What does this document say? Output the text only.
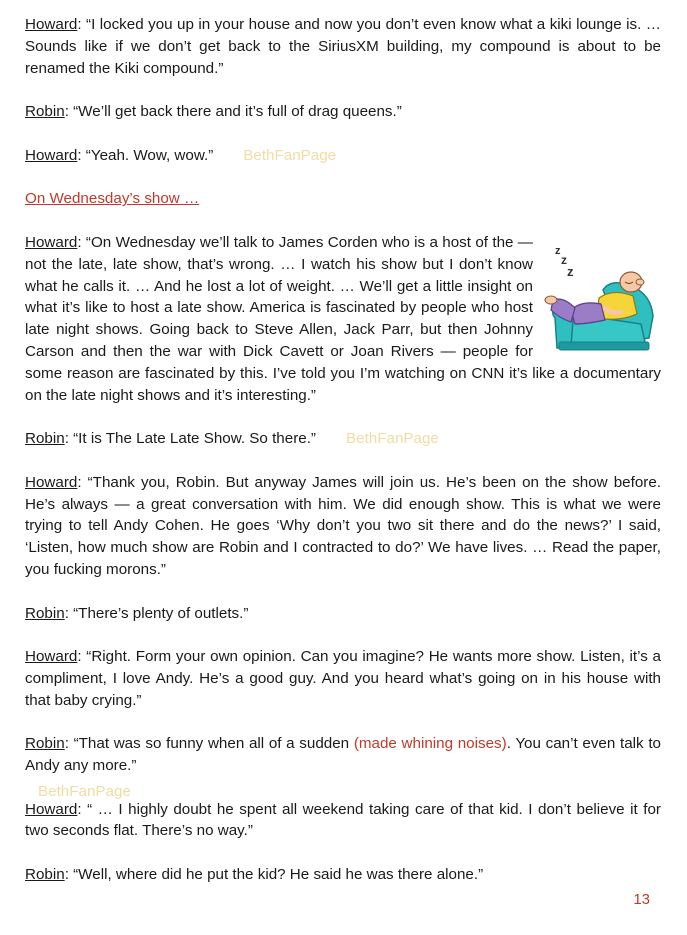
Howard: “I locked you up in your house and now you don’t even know what a kiki lounge is. … Sounds like if we don’t get back to the SiriusXM building, my compound is about to be renamed the Kiki compound.”

Robin: “We’ll get back there and it’s full of drag queens.”

Howard: “Yeah. Wow, wow.” BethFanPage

On Wednesday’s show …

z
z
z
Howard: “On Wednesday we’ll talk to James Corden who is a host of the — not the late, late show, that’s wrong. … I watch his show but I don’t know what he calls it. … And he lost a lot of weight. … We’ll get a little insight on what it’s like to host a late show. America is fascinated by people who host late night shows. Going back to Steve Allen, Jack Parr, but then Johnny Carson and then the war with Dick Cavett or Joan Rivers — people for some reason are fascinated by this. I’ve told you I’m watching on CNN it’s like a documentary on the late night shows and it’s interesting.”

Robin: “It is The Late Late Show. So there.” BethFanPage

Howard: “Thank you, Robin. But anyway James will join us. He’s been on the show before. He’s always — a great conversation with him. We did enough show. This is what we were trying to tell Andy Cohen. He goes ‘Why don’t you two sit there and do the news?’ I said, ‘Listen, how much show are Robin and I contracted to do?’ We have lives. … Read the paper, you fucking morons.”

Robin: “There’s plenty of outlets.”

Howard: “Right. Form your own opinion. Can you imagine? He wants more show. Listen, it’s a compliment, I love Andy. He’s a good guy. And you heard what’s going on in his house with that baby crying.”

Robin: “That was so funny when all of a sudden (made whining noises). You can’t even talk to Andy any more.”

Howard: “ … I highly doubt he spent all weekend taking care of that kid. I don’t believe it for two seconds flat. There’s no way.”

Robin: “Well, where did he put the kid? He said he was there alone.”

BethFanPage
13
